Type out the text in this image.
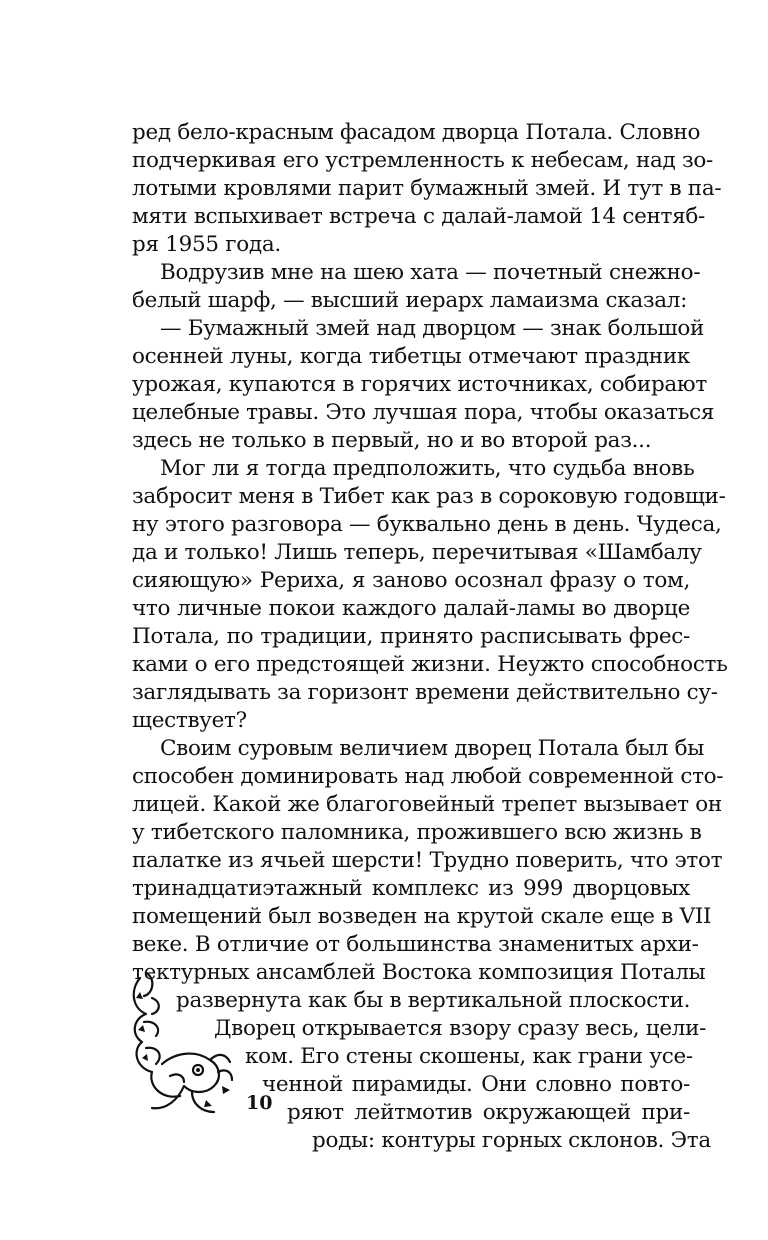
ред бело-красным фасадом дворца Потала. Словно
подчеркивая его устремленность к небесам, над зо-
лотыми кровлями парит бумажный змей. И тут в па-
мяти вспыхивает встреча с далай-ламой 14 сентяб-
ря 1955 года.
Водрузив мне на шею хата — почетный снежно-
белый шарф, — высший иерарх ламаизма сказал:
— Бумажный змей над дворцом — знак большой
осенней луны, когда тибетцы отмечают праздник
урожая, купаются в горячих источниках, собирают
целебные травы. Это лучшая пора, чтобы оказаться
здесь не только в первый, но и во второй раз...
Мог ли я тогда предположить, что судьба вновь
забросит меня в Тибет как раз в сороковую годовщи-
ну этого разговора — буквально день в день. Чудеса,
да и только! Лишь теперь, перечитывая «Шамбалу
сияющую» Рериха, я заново осознал фразу о том,
что личные покои каждого далай-ламы во дворце
Потала, по традиции, принято расписывать фрес-
ками о его предстоящей жизни. Неужто способность
заглядывать за горизонт времени действительно су-
ществует?
Своим суровым величием дворец Потала был бы
способен доминировать над любой современной сто-
лицей. Какой же благоговейный трепет вызывает он
у тибетского паломника, прожившего всю жизнь в
палатке из ячьей шерсти! Трудно поверить, что этот
тринадцатиэтажный комплекс из 999 дворцовых
помещений был возведен на крутой скале еще в VII
веке. В отличие от большинства знаменитых архи-
тектурных ансамблей Востока композиция Поталы
развернута как бы в вертикальной плоскости.
Дворец открывается взору сразу весь, цели-
ком. Его стены скошены, как грани усе-
ченной пирамиды. Они словно повто-
ряют лейтмотив окружающей при-
роды: контуры горных склонов. Эта
10
